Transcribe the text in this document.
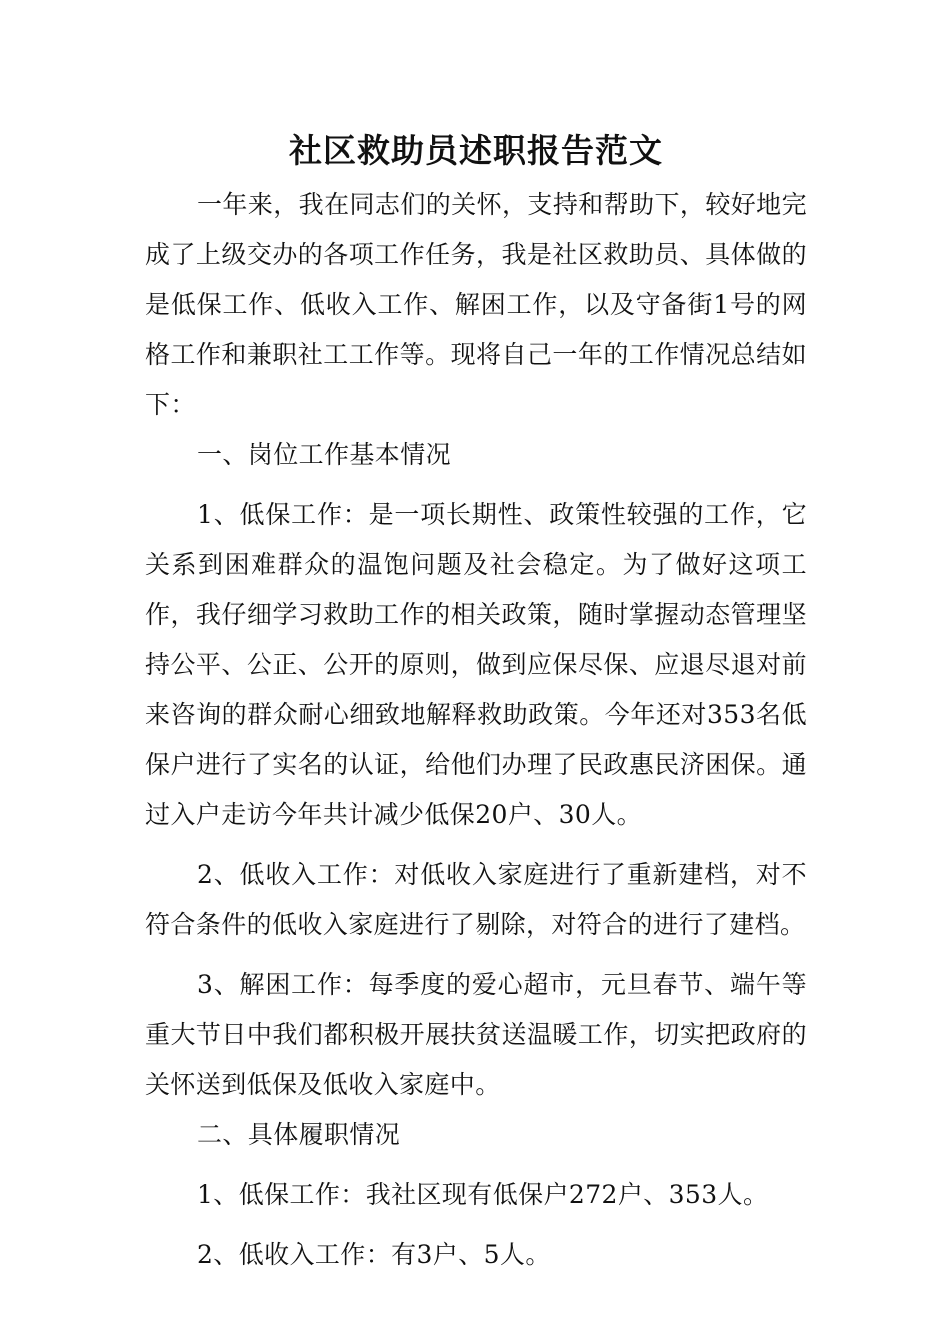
社区救助员述职报告范文

一年来，我在同志们的关怀，支持和帮助下，较好地完成了上级交办的各项工作任务，我是社区救助员、具体做的是低保工作、低收入工作、解困工作，以及守备街1号的网格工作和兼职社工工作等。现将自己一年的工作情况总结如下：

一、岗位工作基本情况

1、低保工作：是一项长期性、政策性较强的工作，它关系到困难群众的温饱问题及社会稳定。为了做好这项工作，我仔细学习救助工作的相关政策，随时掌握动态管理坚持公平、公正、公开的原则，做到应保尽保、应退尽退对前来咨询的群众耐心细致地解释救助政策。今年还对353名低保户进行了实名的认证，给他们办理了民政惠民济困保。通过入户走访今年共计减少低保20户、30人。

2、低收入工作：对低收入家庭进行了重新建档，对不符合条件的低收入家庭进行了剔除，对符合的进行了建档。

3、解困工作：每季度的爱心超市，元旦春节、端午等重大节日中我们都积极开展扶贫送温暖工作，切实把政府的关怀送到低保及低收入家庭中。

二、具体履职情况

1、低保工作：我社区现有低保户272户、353人。

2、低收入工作：有3户、5人。
